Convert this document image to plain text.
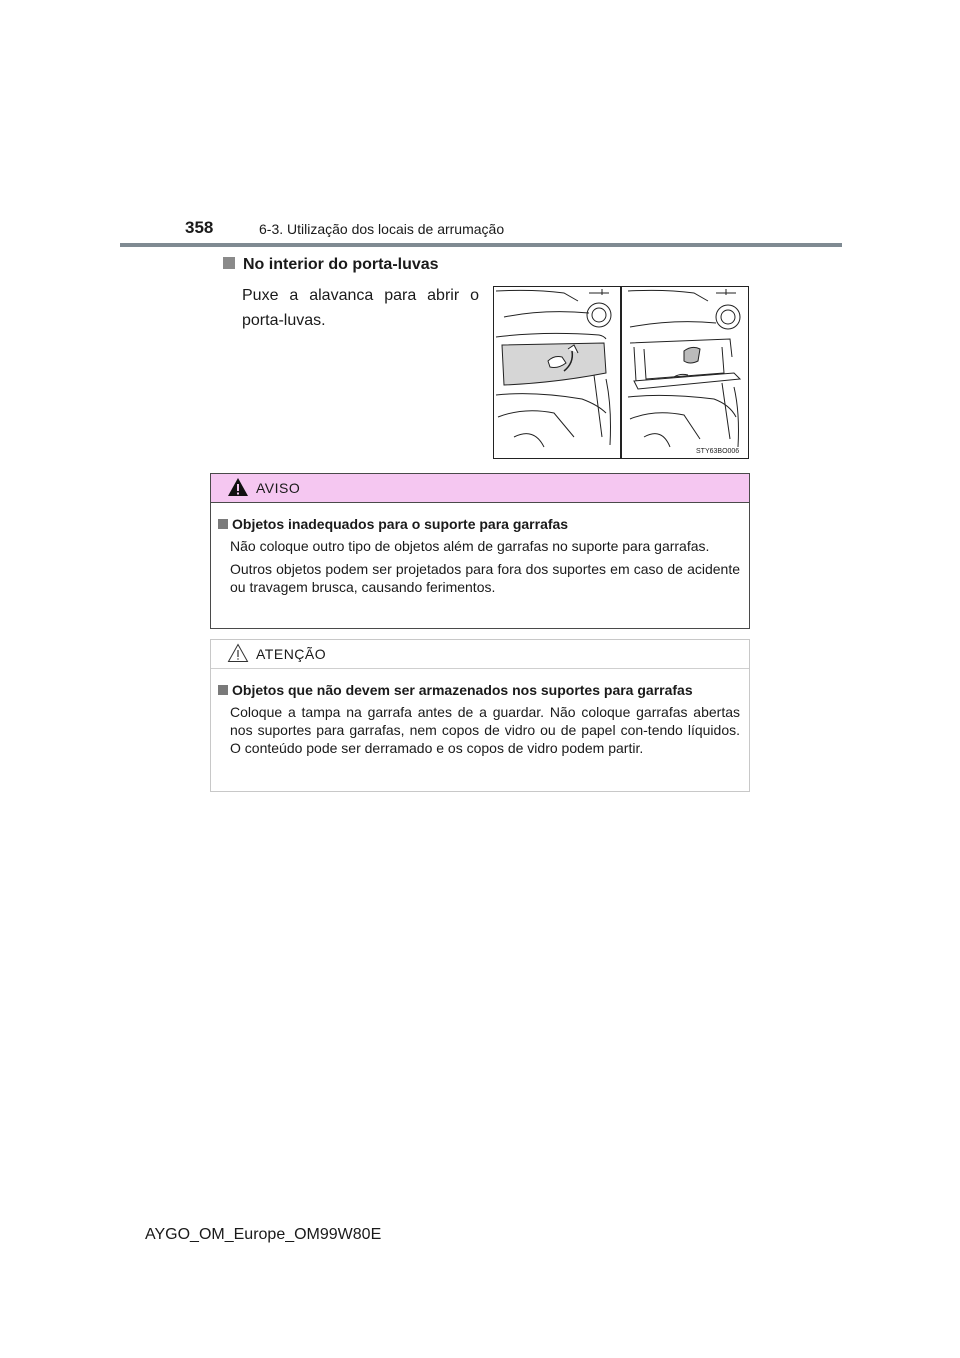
358	6-3. Utilização dos locais de arrumação
No interior do porta-luvas
Puxe a alavanca para abrir o porta-luvas.
STY63BO006
AVISO
Objetos inadequados para o suporte para garrafas
Não coloque outro tipo de objetos além de garrafas no suporte para garrafas.
Outros objetos podem ser projetados para fora dos suportes em caso de acidente ou travagem brusca, causando ferimentos.
ATENÇÃO
Objetos que não devem ser armazenados nos suportes para garrafas
Coloque a tampa na garrafa antes de a guardar. Não coloque garrafas abertas nos suportes para garrafas, nem copos de vidro ou de papel con-tendo líquidos. O conteúdo pode ser derramado e os copos de vidro podem partir.
AYGO_OM_Europe_OM99W80E
